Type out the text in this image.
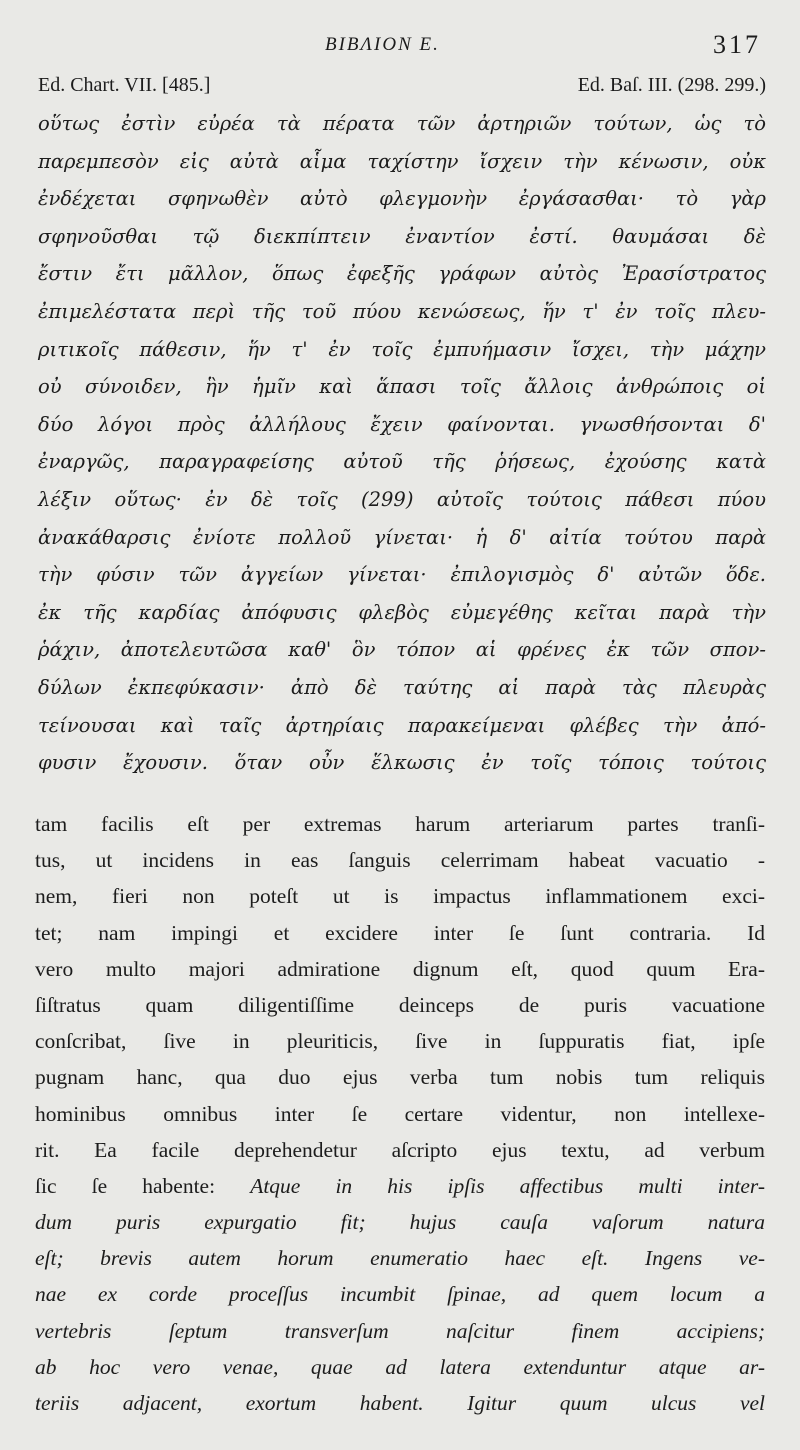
BIBΛΙΟΝ Ε.	317
Ed. Chart. VII. [485.]	Ed. Baſ. III. (298. 299.)
οὕτως ἐστὶν εὐρέα τὰ πέρατα τῶν ἀρτηριῶν τούτων, ὡς τὸ
παρεμπεσὸν εἰς αὐτὰ αἷμα ταχίστην ἴσχειν τὴν κένωσιν, οὐκ
ἐνδέχεται σφηνωθὲν αὐτὸ φλεγμονὴν ἐργάσασθαι· τὸ γὰρ
σφηνοῦσθαι τῷ διεκπίπτειν ἐναντίον ἐστί. θαυμάσαι δὲ
ἔστιν ἔτι μᾶλλον, ὅπως ἐφεξῆς γράφων αὐτὸς Ἐρασίστρατος
ἐπιμελέστατα περὶ τῆς τοῦ πύου κενώσεως, ἥν τ' ἐν τοῖς πλευ-
ριτικοῖς πάθεσιν, ἥν τ' ἐν τοῖς ἐμπυήμασιν ἴσχει, τὴν μάχην
οὐ σύνοιδεν, ἣν ἡμῖν καὶ ἅπασι τοῖς ἄλλοις ἀνθρώποις οἱ
δύο λόγοι πρὸς ἀλλήλους ἔχειν φαίνονται. γνωσθήσονται δ'
ἐναργῶς, παραγραφείσης αὐτοῦ τῆς ῥήσεως, ἐχούσης κατὰ
λέξιν οὕτως· ἐν δὲ τοῖς (299) αὐτοῖς τούτοις πάθεσι πύου
ἀνακάθαρσις ἐνίοτε πολλοῦ γίνεται· ἡ δ' αἰτία τούτου παρὰ
τὴν φύσιν τῶν ἀγγείων γίνεται· ἐπιλογισμὸς δ' αὐτῶν ὅδε.
ἐκ τῆς καρδίας ἀπόφυσις φλεβὸς εὐμεγέθης κεῖται παρὰ τὴν
ῥάχιν, ἀποτελευτῶσα καθ' ὃν τόπον αἱ φρένες ἐκ τῶν σπον-
δύλων ἐκπεφύκασιν· ἀπὸ δὲ ταύτης αἱ παρὰ τὰς πλευρὰς
τείνουσαι καὶ ταῖς ἀρτηρίαις παρακείμεναι φλέβες τὴν ἀπό-
φυσιν ἔχουσιν. ὅταν οὖν ἕλκωσις ἐν τοῖς τόποις τούτοις
tam facilis eſt per extremas harum arteriarum partes tranſi-
tus, ut incidens in eas ſanguis celerrimam habeat vacuatio -
nem, fieri non poteſt ut is impactus inflammationem exci-
tet; nam impingi et excidere inter ſe ſunt contraria. Id
vero multo majori admiratione dignum eſt, quod quum Era-
ſiſtratus quam diligentiſſime deinceps de puris vacuatione
conſcribat, ſive in pleuriticis, ſive in ſuppuratis fiat, ipſe
pugnam hanc, qua duo ejus verba tum nobis tum reliquis
hominibus omnibus inter ſe certare videntur, non intellexe-
rit. Ea facile deprehendetur aſcripto ejus textu, ad verbum
ſic ſe habente: Atque in his ipſis affectibus multi inter-
dum puris expurgatio fit; hujus cauſa vaſorum natura
eſt; brevis autem horum enumeratio haec eſt. Ingens ve-
nae ex corde proceſſus incumbit ſpinae, ad quem locum a
vertebris ſeptum transverſum naſcitur finem accipiens;
ab hoc vero venae, quae ad latera extenduntur atque ar-
teriis adjacent, exortum habent. Igitur quum ulcus vel
